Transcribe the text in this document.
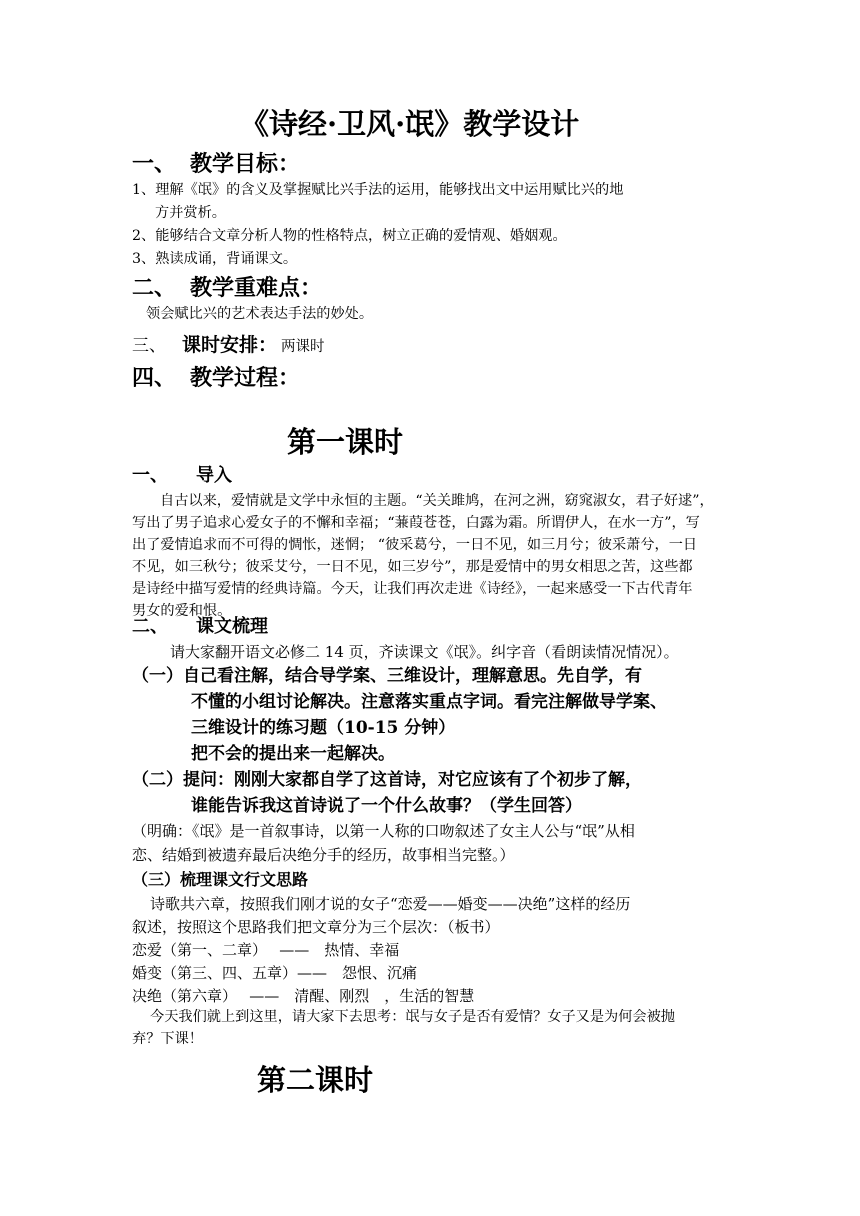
《诗经·卫风·氓》教学设计
一、 教学目标：
1、理解《氓》的含义及掌握赋比兴手法的运用，能够找出文中运用赋比兴的地
方并赏析。
2、能够结合文章分析人物的性格特点，树立正确的爱情观、婚姻观。
3、熟读成诵，背诵课文。
二、 教学重难点：
领会赋比兴的艺术表达手法的妙处。
三、 课时安排： 两课时
四、 教学过程：
第一课时
一、 导入
自古以来，爱情就是文学中永恒的主题。“关关雎鸠，在河之洲，窈窕淑女，君子好逑”，
写出了男子追求心爱女子的不懈和幸福；“蒹葭苍苍，白露为霜。所谓伊人，在水一方”，写
出了爱情追求而不可得的惆怅，迷惘； “彼采葛兮，一日不见，如三月兮；彼采萧兮，一日
不见，如三秋兮；彼采艾兮，一日不见，如三岁兮”，那是爱情中的男女相思之苦，这些都
是诗经中描写爱情的经典诗篇。今天，让我们再次走进《诗经》，一起来感受一下古代青年
男女的爱和恨。
二、 课文梳理
请大家翻开语文必修二 14 页，齐读课文《氓》。纠字音（看朗读情况情况）。
（一）自己看注解，结合导学案、三维设计，理解意思。先自学，有
不懂的小组讨论解决。注意落实重点字词。看完注解做导学案、
三维设计的练习题（10-15 分钟）
把不会的提出来一起解决。
（二）提问：刚刚大家都自学了这首诗，对它应该有了个初步了解，
谁能告诉我这首诗说了一个什么故事？（学生回答）
（明确：《氓》是一首叙事诗，以第一人称的口吻叙述了女主人公与“氓”从相
恋、结婚到被遗弃最后决绝分手的经历，故事相当完整。）
（三）梳理课文行文思路
诗歌共六章，按照我们刚才说的女子“恋爱——婚变——决绝”这样的经历
叙述，按照这个思路我们把文章分为三个层次：（板书）
恋爱（第一、二章）　 ——　热情、幸福
婚变（第三、四、五章）——　怨恨、沉痛
决绝（第六章）　 ——　清醒、刚烈　，生活的智慧
今天我们就上到这里，请大家下去思考：氓与女子是否有爱情？女子又是为何会被抛
弃？下课！
第二课时
